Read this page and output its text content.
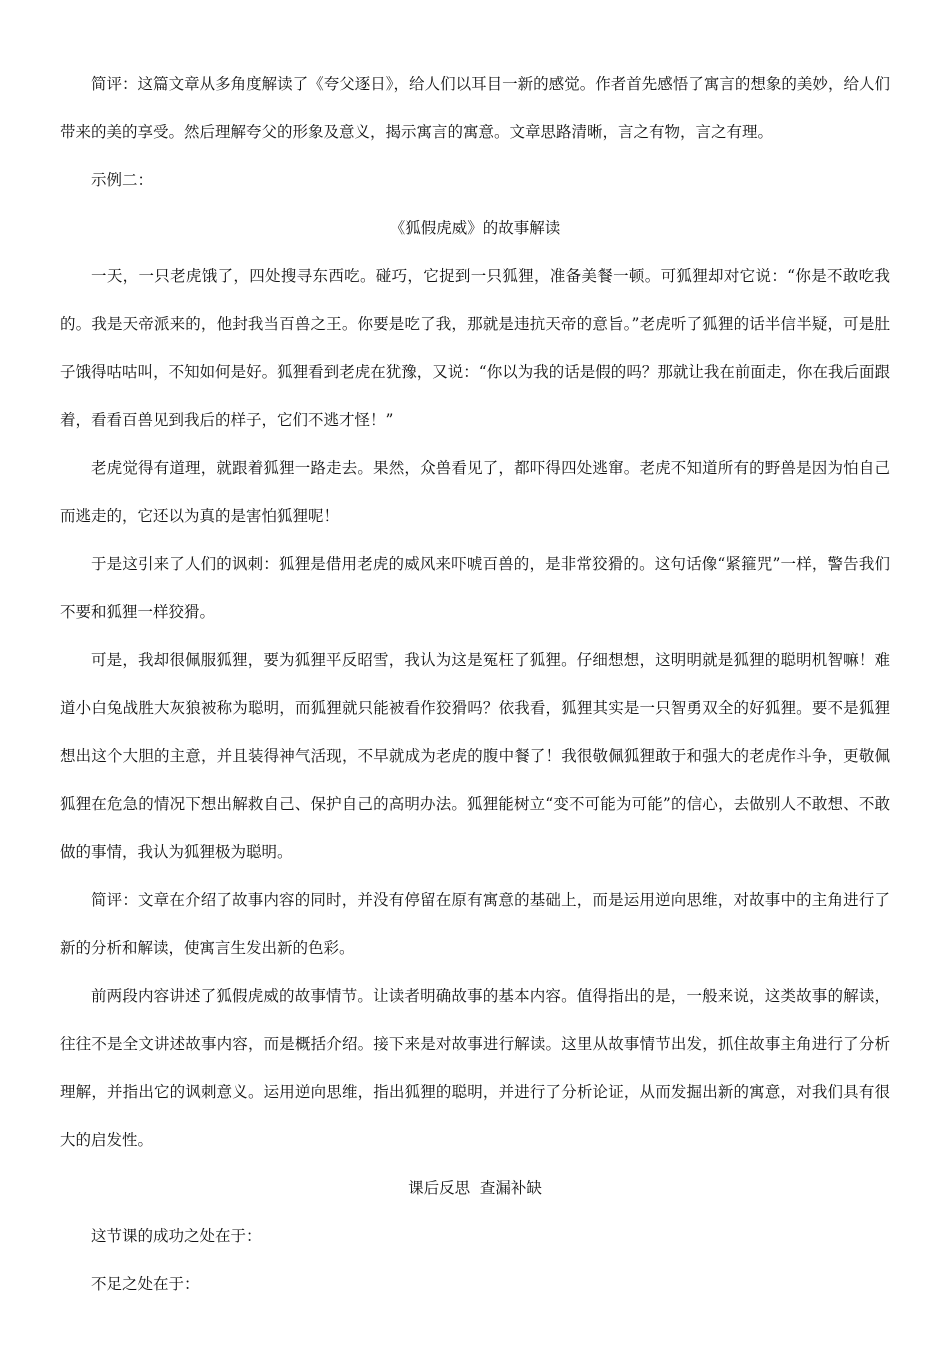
简评：这篇文章从多角度解读了《夸父逐日》，给人们以耳目一新的感觉。作者首先感悟了寓言的想象的美妙，给人们带来的美的享受。然后理解夸父的形象及意义，揭示寓言的寓意。文章思路清晰，言之有物，言之有理。

示例二：

《狐假虎威》的故事解读

一天，一只老虎饿了，四处搜寻东西吃。碰巧，它捉到一只狐狸，准备美餐一顿。可狐狸却对它说：“你是不敢吃我的。我是天帝派来的，他封我当百兽之王。你要是吃了我，那就是违抗天帝的意旨。”老虎听了狐狸的话半信半疑，可是肚子饿得咕咕叫，不知如何是好。狐狸看到老虎在犹豫，又说：“你以为我的话是假的吗？那就让我在前面走，你在我后面跟着，看看百兽见到我后的样子，它们不逃才怪！”

老虎觉得有道理，就跟着狐狸一路走去。果然，众兽看见了，都吓得四处逃窜。老虎不知道所有的野兽是因为怕自己而逃走的，它还以为真的是害怕狐狸呢！

于是这引来了人们的讽刺：狐狸是借用老虎的威风来吓唬百兽的，是非常狡猾的。这句话像“紧箍咒”一样，警告我们不要和狐狸一样狡猾。

可是，我却很佩服狐狸，要为狐狸平反昭雪，我认为这是冤枉了狐狸。仔细想想，这明明就是狐狸的聪明机智嘛！难道小白兔战胜大灰狼被称为聪明，而狐狸就只能被看作狡猾吗？依我看，狐狸其实是一只智勇双全的好狐狸。要不是狐狸想出这个大胆的主意，并且装得神气活现，不早就成为老虎的腹中餐了！我很敬佩狐狸敢于和强大的老虎作斗争，更敬佩狐狸在危急的情况下想出解救自己、保护自己的高明办法。狐狸能树立“变不可能为可能”的信心，去做别人不敢想、不敢做的事情，我认为狐狸极为聪明。

简评：文章在介绍了故事内容的同时，并没有停留在原有寓意的基础上，而是运用逆向思维，对故事中的主角进行了新的分析和解读，使寓言生发出新的色彩。

前两段内容讲述了狐假虎威的故事情节。让读者明确故事的基本内容。值得指出的是，一般来说，这类故事的解读，往往不是全文讲述故事内容，而是概括介绍。接下来是对故事进行解读。这里从故事情节出发，抓住故事主角进行了分析理解，并指出它的讽刺意义。运用逆向思维，指出狐狸的聪明，并进行了分析论证，从而发掘出新的寓意，对我们具有很大的启发性。

课后反思  查漏补缺

这节课的成功之处在于：

不足之处在于：
